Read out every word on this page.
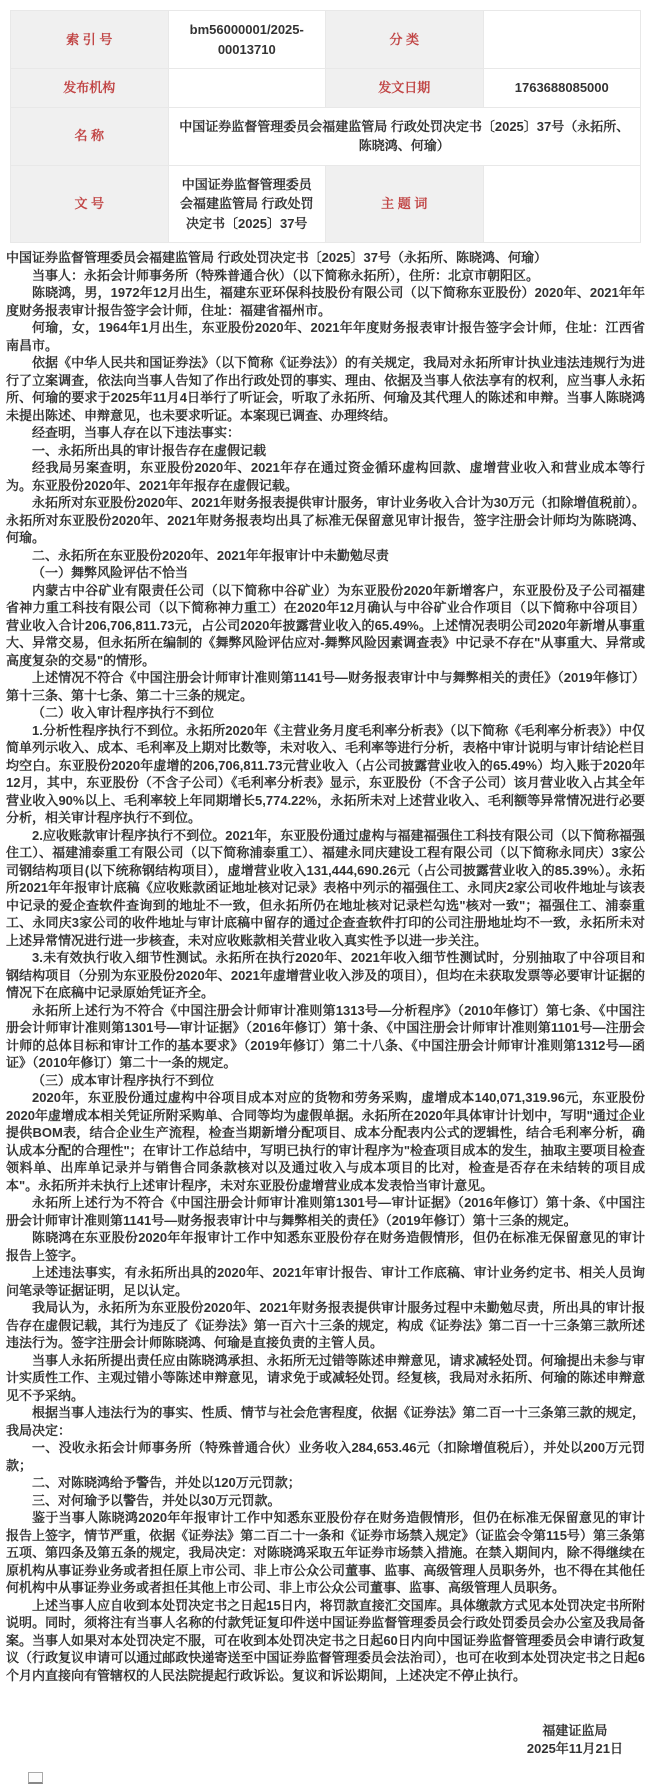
索 引 号	bm56000001/2025-00013710	分 类	
发布机构		发文日期	1763688085000
名 称	中国证券监督管理委员会福建监管局 行政处罚决定书〔2025〕37号（永拓所、陈晓鸿、何瑜）		
文 号	中国证券监督管理委员会福建监管局 行政处罚决定书〔2025〕37号	主 题 词	

中国证券监督管理委员会福建监管局 行政处罚决定书〔2025〕37号（永拓所、陈晓鸿、何瑜）

当事人：永拓会计师事务所（特殊普通合伙）（以下简称永拓所），住所：北京市朝阳区。

陈晓鸿，男，1972年12月出生，福建东亚环保科技股份有限公司（以下简称东亚股份）2020年、2021年年度财务报表审计报告签字会计师，住址：福建省福州市。

何瑜，女，1964年1月出生，东亚股份2020年、2021年年度财务报表审计报告签字会计师，住址：江西省南昌市。

依据《中华人民共和国证券法》（以下简称《证券法》）的有关规定，我局对永拓所审计执业违法违规行为进行了立案调查，依法向当事人告知了作出行政处罚的事实、理由、依据及当事人依法享有的权利，应当事人永拓所、何瑜的要求于2025年11月4日举行了听证会，听取了永拓所、何瑜及其代理人的陈述和申辩。当事人陈晓鸿未提出陈述、申辩意见，也未要求听证。本案现已调查、办理终结。

经查明，当事人存在以下违法事实：

一、永拓所出具的审计报告存在虚假记载

经我局另案查明，东亚股份2020年、2021年存在通过资金循环虚构回款、虚增营业收入和营业成本等行为。东亚股份2020年、2021年年报存在虚假记载。

永拓所对东亚股份2020年、2021年财务报表提供审计服务，审计业务收入合计为30万元（扣除增值税前）。永拓所对东亚股份2020年、2021年财务报表均出具了标准无保留意见审计报告，签字注册会计师均为陈晓鸿、何瑜。

二、永拓所在东亚股份2020年、2021年年报审计中未勤勉尽责

（一）舞弊风险评估不恰当

内蒙古中谷矿业有限责任公司（以下简称中谷矿业）为东亚股份2020年新增客户，东亚股份及子公司福建省神力重工科技有限公司（以下简称神力重工）在2020年12月确认与中谷矿业合作项目（以下简称中谷项目）营业收入合计206,706,811.73元，占公司2020年披露营业收入的65.49%。上述情况表明公司2020年新增从事重大、异常交易，但永拓所在编制的《舞弊风险评估应对-舞弊风险因素调查表》中记录不存在"从事重大、异常或高度复杂的交易"的情形。

上述情况不符合《中国注册会计师审计准则第1141号—财务报表审计中与舞弊相关的责任》（2019年修订）第十三条、第十七条、第二十三条的规定。

（二）收入审计程序执行不到位

1.分析性程序执行不到位。永拓所2020年《主营业务月度毛利率分析表》（以下简称《毛利率分析表》）中仅简单列示收入、成本、毛利率及上期对比数等，未对收入、毛利率等进行分析，表格中审计说明与审计结论栏目均空白。东亚股份2020年虚增的206,706,811.73元营业收入（占公司披露营业收入的65.49%）均入账于2020年12月，其中，东亚股份（不含子公司）《毛利率分析表》显示，东亚股份（不含子公司）该月营业收入占其全年营业收入90%以上、毛利率较上年同期增长5,774.22%，永拓所未对上述营业收入、毛利额等异常情况进行必要分析，相关审计程序执行不到位。

2.应收账款审计程序执行不到位。2021年，东亚股份通过虚构与福建福强住工科技有限公司（以下简称福强住工）、福建浦泰重工有限公司（以下简称浦泰重工）、福建永同庆建设工程有限公司（以下简称永同庆）3家公司钢结构项目(以下统称钢结构项目），虚增营业收入131,444,690.26元（占公司披露营业收入的85.39%）。永拓所2021年年报审计底稿《应收账款函证地址核对记录》表格中列示的福强住工、永同庆2家公司收件地址与该表中记录的爱企查软件查询到的地址不一致，但永拓所仍在地址核对记录栏勾选"核对一致"；福强住工、浦泰重工、永同庆3家公司的收件地址与审计底稿中留存的通过企查查软件打印的公司注册地址均不一致，永拓所未对上述异常情况进行进一步核查，未对应收账款相关营业收入真实性予以进一步关注。

3.未有效执行收入细节性测试。永拓所在执行2020年、2021年收入细节性测试时，分别抽取了中谷项目和钢结构项目（分别为东亚股份2020年、2021年虚增营业收入涉及的项目），但均在未获取发票等必要审计证据的情况下在底稿中记录原始凭证齐全。

永拓所上述行为不符合《中国注册会计师审计准则第1313号—分析程序》（2010年修订）第七条、《中国注册会计师审计准则第1301号—审计证据》（2016年修订）第十条、《中国注册会计师审计准则第1101号—注册会计师的总体目标和审计工作的基本要求》（2019年修订）第二十八条、《中国注册会计师审计准则第1312号—函证》（2010年修订）第二十一条的规定。

（三）成本审计程序执行不到位

2020年，东亚股份通过虚构中谷项目成本对应的货物和劳务采购，虚增成本140,071,319.96元，东亚股份2020年虚增成本相关凭证所附采购单、合同等均为虚假单据。永拓所在2020年具体审计计划中，写明"通过企业提供BOM表，结合企业生产流程，检查当期新增分配项目、成本分配表内公式的逻辑性，结合毛利率分析，确认成本分配的合理性"；在审计工作总结中，写明已执行的审计程序为"检查项目成本的发生，抽取主要项目检查领料单、出库单记录并与销售合同条款核对以及通过收入与成本项目的比对，检查是否存在未结转的项目成本"。永拓所并未执行上述审计程序，未对东亚股份虚增营业成本发表恰当审计意见。

永拓所上述行为不符合《中国注册会计师审计准则第1301号—审计证据》（2016年修订）第十条、《中国注册会计师审计准则第1141号—财务报表审计中与舞弊相关的责任》（2019年修订）第十三条的规定。

陈晓鸿在东亚股份2020年年报审计工作中知悉东亚股份存在财务造假情形，但仍在标准无保留意见的审计报告上签字。

上述违法事实，有永拓所出具的2020年、2021年审计报告、审计工作底稿、审计业务约定书、相关人员询问笔录等证据证明，足以认定。

我局认为，永拓所为东亚股份2020年、2021年财务报表提供审计服务过程中未勤勉尽责，所出具的审计报告存在虚假记载，其行为违反了《证券法》第一百六十三条的规定，构成《证券法》第二百一十三条第三款所述违法行为。签字注册会计师陈晓鸿、何瑜是直接负责的主管人员。

当事人永拓所提出责任应由陈晓鸿承担、永拓所无过错等陈述申辩意见，请求减轻处罚。何瑜提出未参与审计实质性工作、主观过错小等陈述申辩意见，请求免于或减轻处罚。经复核，我局对永拓所、何瑜的陈述申辩意见不予采纳。

根据当事人违法行为的事实、性质、情节与社会危害程度，依据《证券法》第二百一十三条第三款的规定，我局决定：

一、没收永拓会计师事务所（特殊普通合伙）业务收入284,653.46元（扣除增值税后），并处以200万元罚款；

二、对陈晓鸿给予警告，并处以120万元罚款；

三、对何瑜予以警告，并处以30万元罚款。

鉴于当事人陈晓鸿2020年年报审计工作中知悉东亚股份存在财务造假情形，但仍在标准无保留意见的审计报告上签字，情节严重，依据《证券法》第二百二十一条和《证券市场禁入规定》（证监会令第115号）第三条第五项、第四条及第五条的规定，我局决定：对陈晓鸿采取五年证券市场禁入措施。在禁入期间内，除不得继续在原机构从事证券业务或者担任原上市公司、非上市公众公司董事、监事、高级管理人员职务外，也不得在其他任何机构中从事证券业务或者担任其他上市公司、非上市公众公司董事、监事、高级管理人员职务。

上述当事人应自收到本处罚决定书之日起15日内，将罚款直接汇交国库。具体缴款方式见本处罚决定书所附说明。同时，须将注有当事人名称的付款凭证复印件送中国证券监督管理委员会行政处罚委员会办公室及我局备案。当事人如果对本处罚决定不服，可在收到本处罚决定书之日起60日内向中国证券监督管理委员会申请行政复议（行政复议申请可以通过邮政快递寄送至中国证券监督管理委员会法治司），也可在收到本处罚决定书之日起6个月内直接向有管辖权的人民法院提起行政诉讼。复议和诉讼期间，上述决定不停止执行。

福建证监局
2025年11月21日
